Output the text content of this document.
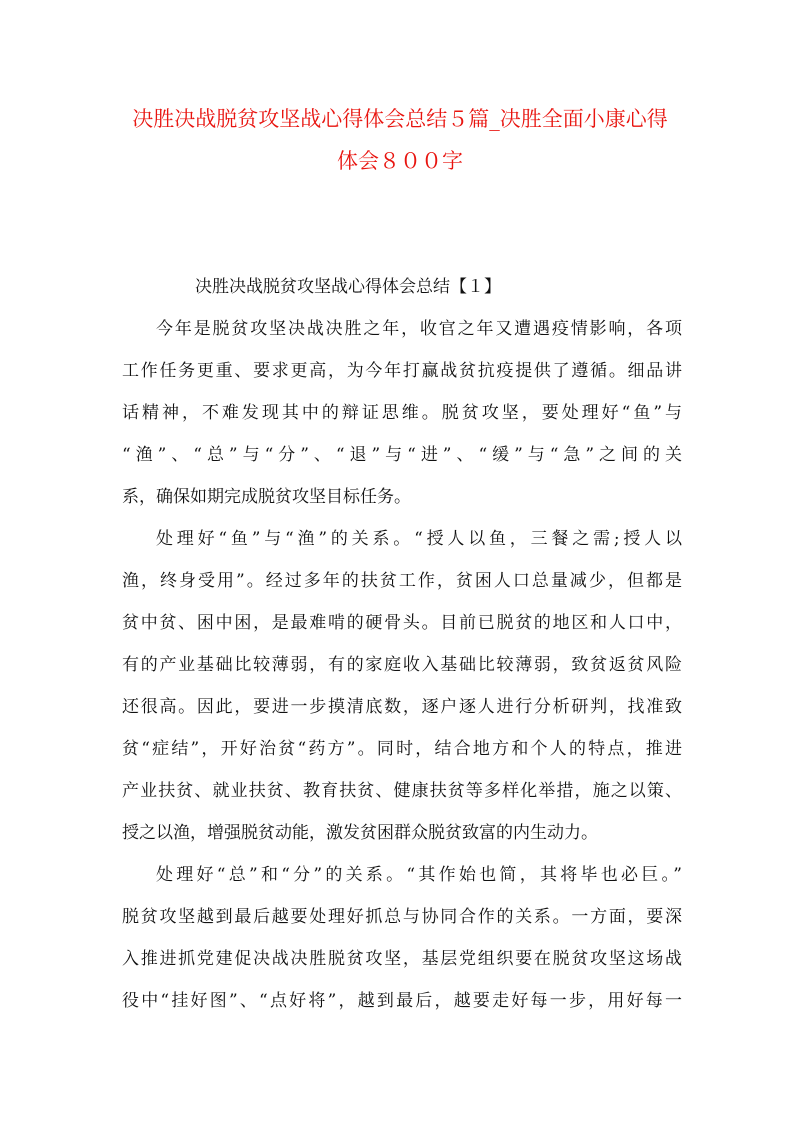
决胜决战脱贫攻坚战心得体会总结５篇_决胜全面小康心得
体会８００字
决胜决战脱贫攻坚战心得体会总结【１】
今年是脱贫攻坚决战决胜之年，收官之年又遭遇疫情影响，各项
工作任务更重、要求更高，为今年打赢战贫抗疫提供了遵循。细品讲
话精神，不难发现其中的辩证思维。脱贫攻坚，要处理好“鱼”与
“渔”、“总”与“分”、“退”与“进”、“缓”与“急”之间的关
系，确保如期完成脱贫攻坚目标任务。
处理好“鱼”与“渔”的关系。“授人以鱼，三餐之需;授人以
渔，终身受用”。经过多年的扶贫工作，贫困人口总量减少，但都是
贫中贫、困中困，是最难啃的硬骨头。目前已脱贫的地区和人口中，
有的产业基础比较薄弱，有的家庭收入基础比较薄弱，致贫返贫风险
还很高。因此，要进一步摸清底数，逐户逐人进行分析研判，找准致
贫“症结”，开好治贫“药方”。同时，结合地方和个人的特点，推进
产业扶贫、就业扶贫、教育扶贫、健康扶贫等多样化举措，施之以策、
授之以渔，增强脱贫动能，激发贫困群众脱贫致富的内生动力。
处理好“总”和“分”的关系。“其作始也简，其将毕也必巨。”
脱贫攻坚越到最后越要处理好抓总与协同合作的关系。一方面，要深
入推进抓党建促决战决胜脱贫攻坚，基层党组织要在脱贫攻坚这场战
役中“挂好图”、“点好将”，越到最后，越要走好每一步，用好每一
